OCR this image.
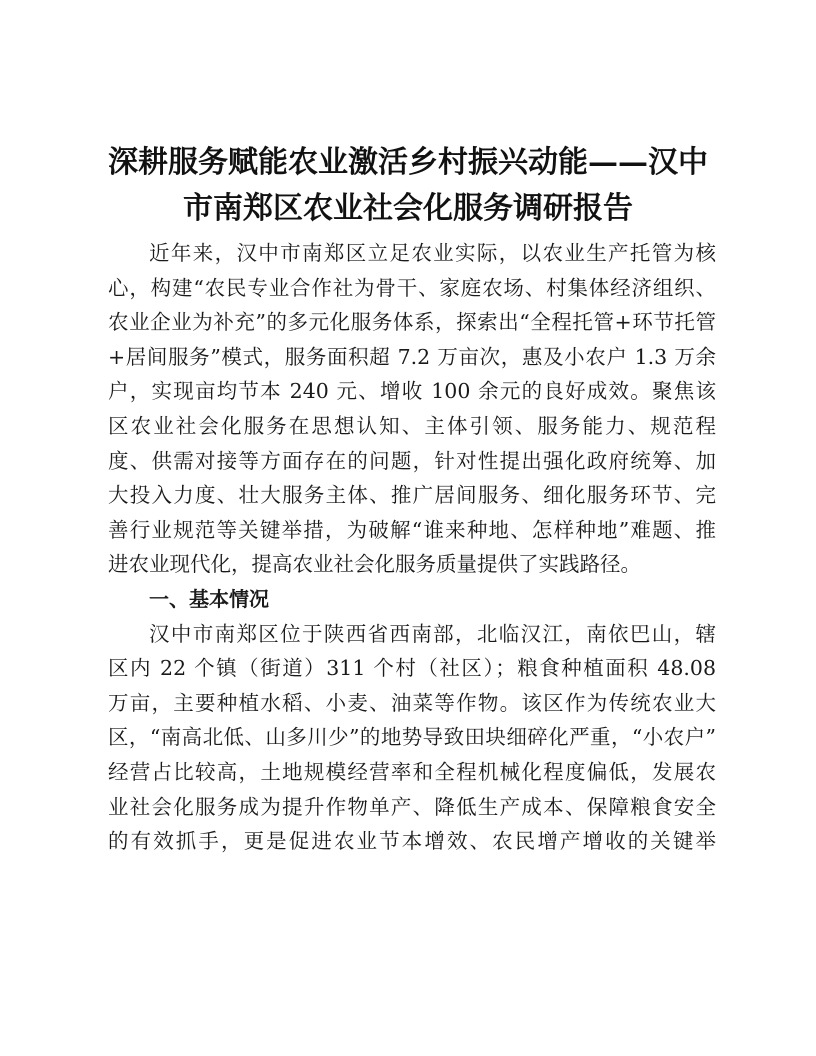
深耕服务赋能农业激活乡村振兴动能——汉中
市南郑区农业社会化服务调研报告
近年来，汉中市南郑区立足农业实际，以农业生产托管为核
心，构建“农民专业合作社为骨干、家庭农场、村集体经济组织、
农业企业为补充”的多元化服务体系，探索出“全程托管+环节托管
+居间服务”模式，服务面积超 7.2 万亩次，惠及小农户 1.3 万余
户，实现亩均节本 240 元、增收 100 余元的良好成效。聚焦该
区农业社会化服务在思想认知、主体引领、服务能力、规范程
度、供需对接等方面存在的问题，针对性提出强化政府统筹、加
大投入力度、壮大服务主体、推广居间服务、细化服务环节、完
善行业规范等关键举措，为破解“谁来种地、怎样种地”难题、推
进农业现代化，提高农业社会化服务质量提供了实践路径。
一、基本情况
汉中市南郑区位于陕西省西南部，北临汉江，南依巴山，辖
区内 22 个镇（街道）311 个村（社区）；粮食种植面积 48.08
万亩，主要种植水稻、小麦、油菜等作物。该区作为传统农业大
区，“南高北低、山多川少”的地势导致田块细碎化严重，“小农户”
经营占比较高，土地规模经营率和全程机械化程度偏低，发展农
业社会化服务成为提升作物单产、降低生产成本、保障粮食安全
的有效抓手，更是促进农业节本增效、农民增产增收的关键举
